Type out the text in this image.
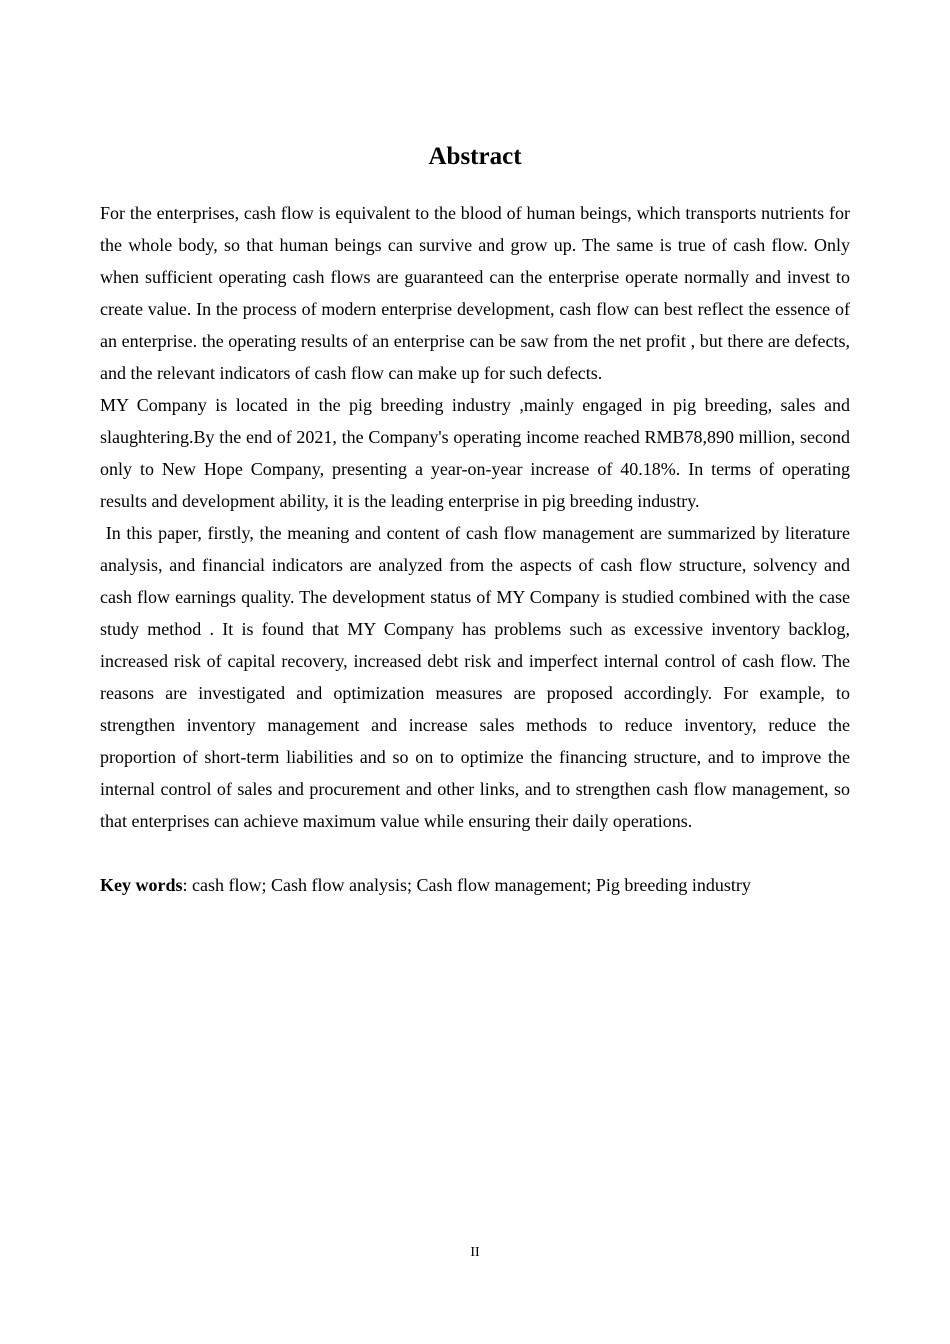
Abstract

For the enterprises, cash flow is equivalent to the blood of human beings, which transports nutrients for the whole body, so that human beings can survive and grow up. The same is true of cash flow. Only when sufficient operating cash flows are guaranteed can the enterprise operate normally and invest to create value. In the process of modern enterprise development, cash flow can best reflect the essence of an enterprise. the operating results of an enterprise can be saw from the net profit , but there are defects, and the relevant indicators of cash flow can make up for such defects.

MY Company is located in the pig breeding industry ,mainly engaged in pig breeding, sales and slaughtering.By the end of 2021, the Company's operating income reached RMB78,890 million, second only to New Hope Company, presenting a year-on-year increase of 40.18%. In terms of operating results and development ability, it is the leading enterprise in pig breeding industry.

In this paper, firstly, the meaning and content of cash flow management are summarized by literature analysis, and financial indicators are analyzed from the aspects of cash flow structure, solvency and cash flow earnings quality. The development status of MY Company is studied combined with the case study method . It is found that MY Company has problems such as excessive inventory backlog, increased risk of capital recovery, increased debt risk and imperfect internal control of cash flow. The reasons are investigated and optimization measures are proposed accordingly. For example, to strengthen inventory management and increase sales methods to reduce inventory, reduce the proportion of short-term liabilities and so on to optimize the financing structure, and to improve the internal control of sales and procurement and other links, and to strengthen cash flow management, so that enterprises can achieve maximum value while ensuring their daily operations.

Key words: cash flow; Cash flow analysis; Cash flow management; Pig breeding industry

II
